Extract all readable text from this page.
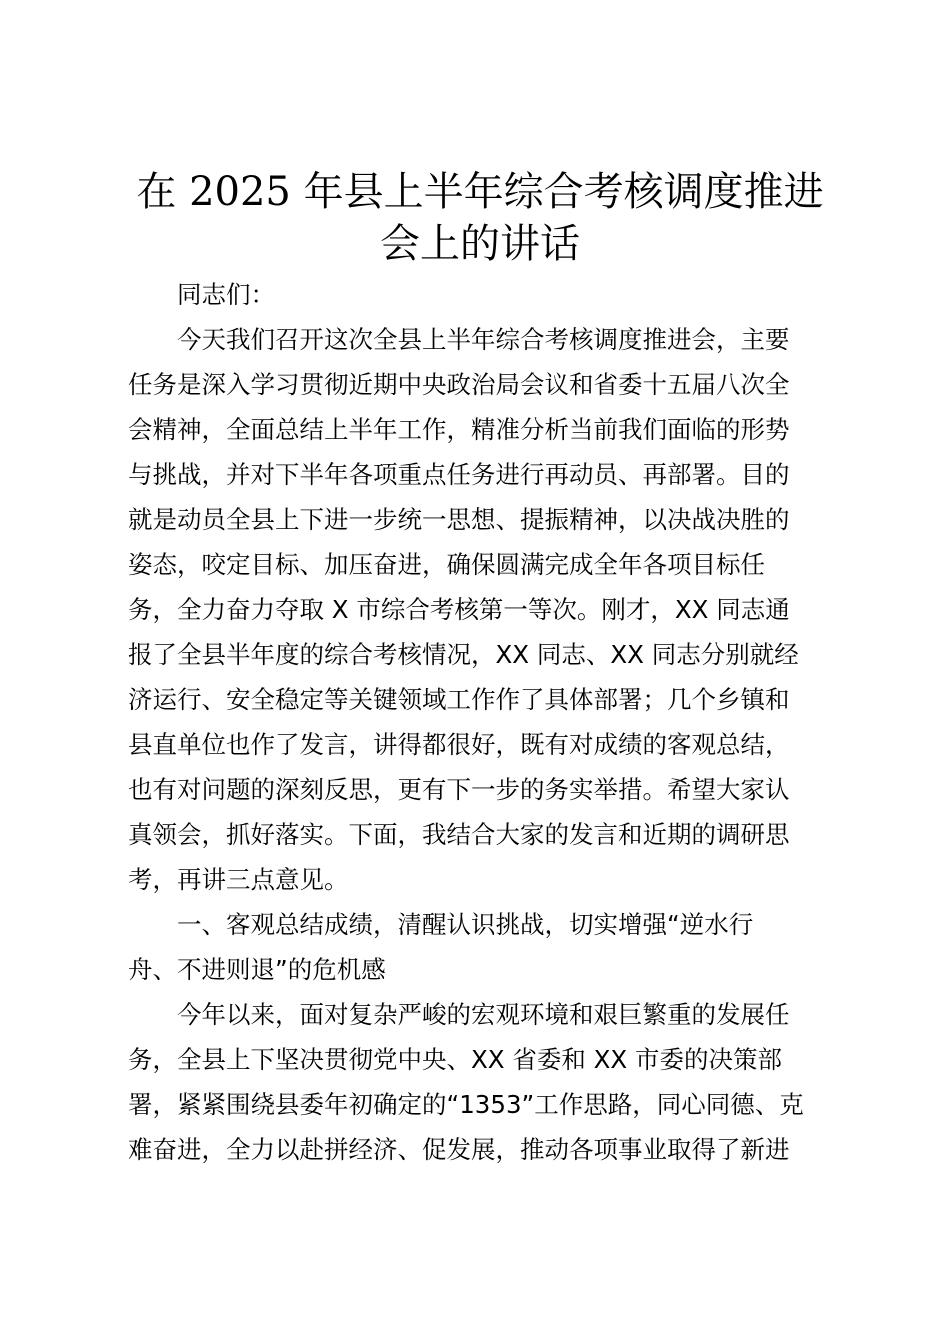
在 2025 年县上半年综合考核调度推进
会上的讲话

同志们：

今天我们召开这次全县上半年综合考核调度推进会，主要
任务是深入学习贯彻近期中央政治局会议和省委十五届八次全
会精神，全面总结上半年工作，精准分析当前我们面临的形势
与挑战，并对下半年各项重点任务进行再动员、再部署。目的
就是动员全县上下进一步统一思想、提振精神，以决战决胜的
姿态，咬定目标、加压奋进，确保圆满完成全年各项目标任
务，全力奋力夺取 X 市综合考核第一等次。刚才，XX 同志通
报了全县半年度的综合考核情况，XX 同志、XX 同志分别就经
济运行、安全稳定等关键领域工作作了具体部署；几个乡镇和
县直单位也作了发言，讲得都很好，既有对成绩的客观总结，
也有对问题的深刻反思，更有下一步的务实举措。希望大家认
真领会，抓好落实。下面，我结合大家的发言和近期的调研思
考，再讲三点意见。

一、客观总结成绩，清醒认识挑战，切实增强“逆水行
舟、不进则退”的危机感

今年以来，面对复杂严峻的宏观环境和艰巨繁重的发展任
务，全县上下坚决贯彻党中央、XX 省委和 XX 市委的决策部
署，紧紧围绕县委年初确定的“1353”工作思路，同心同德、克
难奋进，全力以赴拼经济、促发展，推动各项事业取得了新进
